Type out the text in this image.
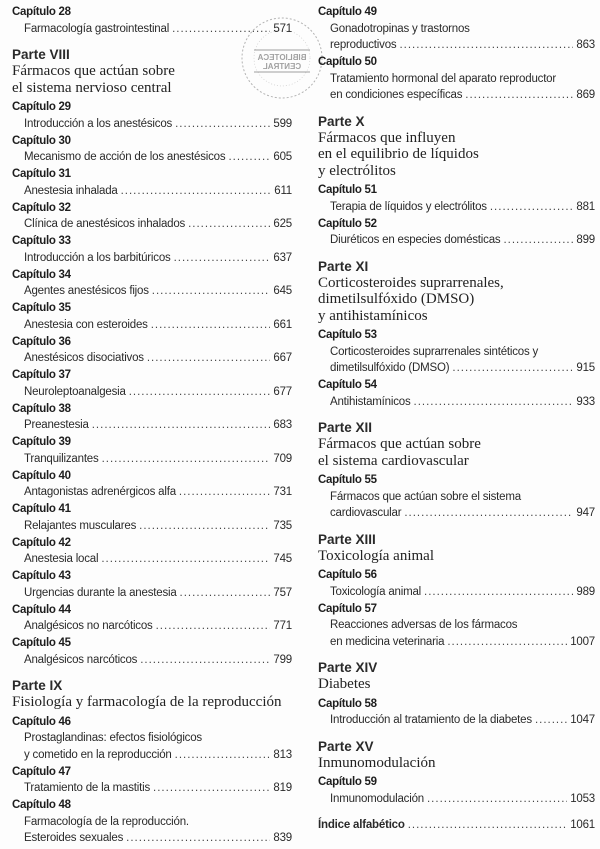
BIBLIOTECA
CENTRAL
Capítulo 28
Farmacología gastrointestinal .....	571
Parte VIII
Fármacos que actúan sobre
el sistema nervioso central
Capítulo 29
Introducción a los anestésicos .....	599
Capítulo 30
Mecanismo de acción de los anestésicos .....	605
Capítulo 31
Anestesia inhalada .....	611
Capítulo 32
Clínica de anestésicos inhalados .....	625
Capítulo 33
Introducción a los barbitúricos .....	637
Capítulo 34
Agentes anestésicos fijos .....	645
Capítulo 35
Anestesia con esteroides .....	661
Capítulo 36
Anestésicos disociativos .....	667
Capítulo 37
Neuroleptoanalgesia .....	677
Capítulo 38
Preanestesia .....	683
Capítulo 39
Tranquilizantes .....	709
Capítulo 40
Antagonistas adrenérgicos alfa .....	731
Capítulo 41
Relajantes musculares .....	735
Capítulo 42
Anestesia local .....	745
Capítulo 43
Urgencias durante la anestesia .....	757
Capítulo 44
Analgésicos no narcóticos .....	771
Capítulo 45
Analgésicos narcóticos .....	799
Parte IX
Fisiología y farmacología de la reproducción
Capítulo 46
Prostaglandinas: efectos fisiológicos
y cometido en la reproducción .....	813
Capítulo 47
Tratamiento de la mastitis .....	819
Capítulo 48
Farmacología de la reproducción.
Esteroides sexuales .....	839
Capítulo 49
Gonadotropinas y trastornos
reproductivos .....	863
Capítulo 50
Tratamiento hormonal del aparato reproductor
en condiciones específicas .....	869
Parte X
Fármacos que influyen
en el equilibrio de líquidos
y electrólitos
Capítulo 51
Terapia de líquidos y electrólitos .....	881
Capítulo 52
Diuréticos en especies domésticas .....	899
Parte XI
Corticosteroides suprarrenales,
dimetilsulfóxido (DMSO)
y antihistamínicos
Capítulo 53
Corticosteroides suprarrenales sintéticos y
dimetilsulfóxido (DMSO) .....	915
Capítulo 54
Antihistamínicos .....	933
Parte XII
Fármacos que actúan sobre
el sistema cardiovascular
Capítulo 55
Fármacos que actúan sobre el sistema
cardiovascular .....	947
Parte XIII
Toxicología animal
Capítulo 56
Toxicología animal .....	989
Capítulo 57
Reacciones adversas de los fármacos
en medicina veterinaria .....	1007
Parte XIV
Diabetes
Capítulo 58
Introducción al tratamiento de la diabetes .....	1047
Parte XV
Inmunomodulación
Capítulo 59
Inmunomodulación .....	1053
Índice alfabético .....	1061
